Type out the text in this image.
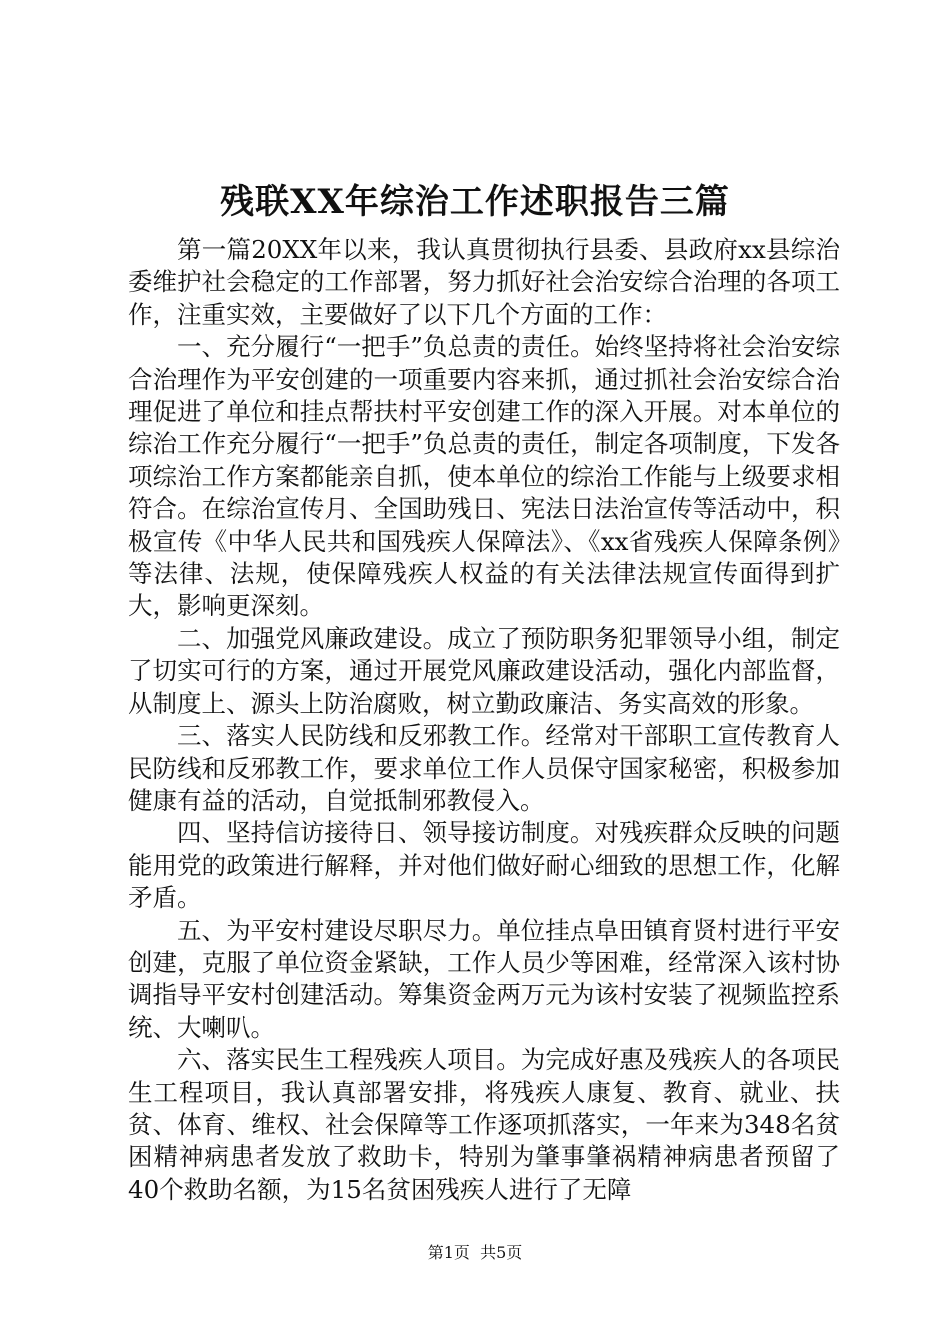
残联XX年综治工作述职报告三篇

第一篇20XX年以来，我认真贯彻执行县委、县政府xx县综治委维护社会稳定的工作部署，努力抓好社会治安综合治理的各项工作，注重实效，主要做好了以下几个方面的工作：

一、充分履行“一把手”负总责的责任。始终坚持将社会治安综合治理作为平安创建的一项重要内容来抓，通过抓社会治安综合治理促进了单位和挂点帮扶村平安创建工作的深入开展。对本单位的综治工作充分履行“一把手”负总责的责任，制定各项制度，下发各项综治工作方案都能亲自抓，使本单位的综治工作能与上级要求相符合。在综治宣传月、全国助残日、宪法日法治宣传等活动中，积极宣传《中华人民共和国残疾人保障法》、《xx省残疾人保障条例》等法律、法规，使保障残疾人权益的有关法律法规宣传面得到扩大，影响更深刻。

二、加强党风廉政建设。成立了预防职务犯罪领导小组，制定了切实可行的方案，通过开展党风廉政建设活动，强化内部监督，从制度上、源头上防治腐败，树立勤政廉洁、务实高效的形象。

三、落实人民防线和反邪教工作。经常对干部职工宣传教育人民防线和反邪教工作，要求单位工作人员保守国家秘密，积极参加健康有益的活动，自觉抵制邪教侵入。

四、坚持信访接待日、领导接访制度。对残疾群众反映的问题能用党的政策进行解释，并对他们做好耐心细致的思想工作，化解矛盾。

五、为平安村建设尽职尽力。单位挂点阜田镇育贤村进行平安创建，克服了单位资金紧缺，工作人员少等困难，经常深入该村协调指导平安村创建活动。筹集资金两万元为该村安装了视频监控系统、大喇叭。

六、落实民生工程残疾人项目。为完成好惠及残疾人的各项民生工程项目，我认真部署安排，将残疾人康复、教育、就业、扶贫、体育、维权、社会保障等工作逐项抓落实，一年来为348名贫困精神病患者发放了救助卡，特别为肇事肇祸精神病患者预留了40个救助名额，为15名贫困残疾人进行了无障

第1页 共5页
